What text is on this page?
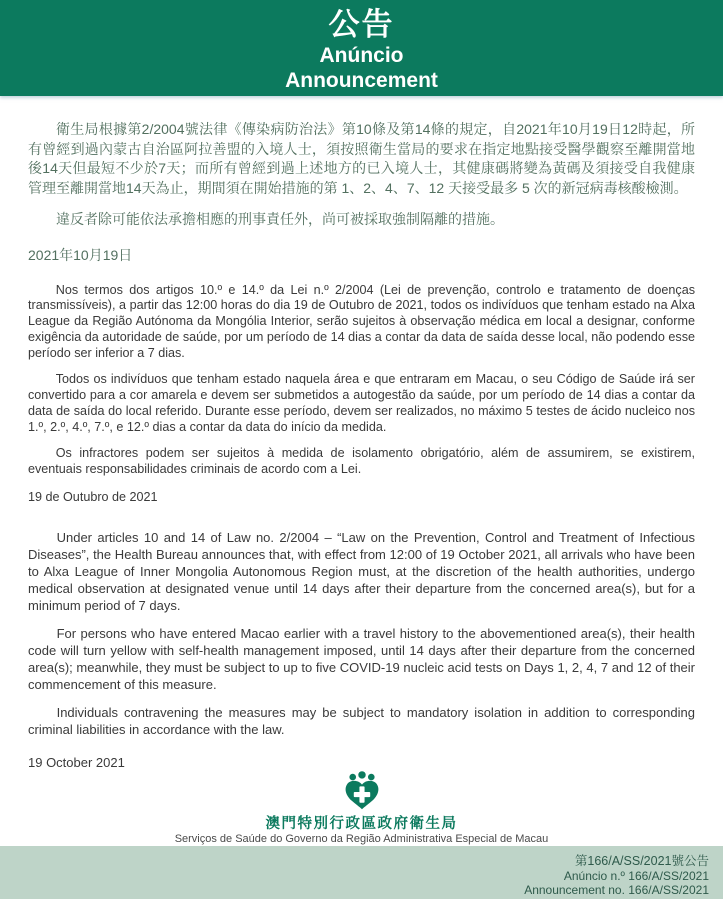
公告
Anúncio
Announcement

衛生局根據第2/2004號法律《傳染病防治法》第10條及第14條的規定，自2021年10月19日12時起，所有曾經到過內蒙古自治區阿拉善盟的入境人士，須按照衛生當局的要求在指定地點接受醫學觀察至離開當地後14天但最短不少於7天；而所有曾經到過上述地方的已入境人士，其健康碼將變為黃碼及須接受自我健康管理至離開當地14天為止，期間須在開始措施的第 1、2、4、7、12 天接受最多 5 次的新冠病毒核酸檢測。

違反者除可能依法承擔相應的刑事責任外，尚可被採取強制隔離的措施。

2021年10月19日

Nos termos dos artigos 10.º e 14.º da Lei n.º 2/2004 (Lei de prevenção, controlo e tratamento de doenças transmissíveis), a partir das 12:00 horas do dia 19 de Outubro de 2021, todos os indivíduos que tenham estado na Alxa League da Região Autónoma da Mongólia Interior, serão sujeitos à observação médica em local a designar, conforme exigência da autoridade de saúde, por um período de 14 dias a contar da data de saída desse local, não podendo esse período ser inferior a 7 dias.

Todos os indivíduos que tenham estado naquela área e que entraram em Macau, o seu Código de Saúde irá ser convertido para a cor amarela e devem ser submetidos a autogestão da saúde, por um período de 14 dias a contar da data de saída do local referido. Durante esse período, devem ser realizados, no máximo 5 testes de ácido nucleico nos 1.º, 2.º, 4.º, 7.º, e 12.º dias a contar da data do início da medida.

Os infractores podem ser sujeitos à medida de isolamento obrigatório, além de assumirem, se existirem, eventuais responsabilidades criminais de acordo com a Lei.

19 de Outubro de 2021

Under articles 10 and 14 of Law no. 2/2004 – “Law on the Prevention, Control and Treatment of Infectious Diseases”, the Health Bureau announces that, with effect from 12:00 of 19 October 2021, all arrivals who have been to Alxa League of Inner Mongolia Autonomous Region must, at the discretion of the health authorities, undergo medical observation at designated venue until 14 days after their departure from the concerned area(s), but for a minimum period of 7 days.

For persons who have entered Macao earlier with a travel history to the abovementioned area(s), their health code will turn yellow with self-health management imposed, until 14 days after their departure from the concerned area(s); meanwhile, they must be subject to up to five COVID-19 nucleic acid tests on Days 1, 2, 4, 7 and 12 of their commencement of this measure.

Individuals contravening the measures may be subject to mandatory isolation in addition to corresponding criminal liabilities in accordance with the law.

19 October 2021
澳門特別行政區政府衛生局
Serviços de Saúde do Governo da Região Administrativa Especial de Macau
第166/A/SS/2021號公告
Anúncio n.º 166/A/SS/2021
Announcement no. 166/A/SS/2021
